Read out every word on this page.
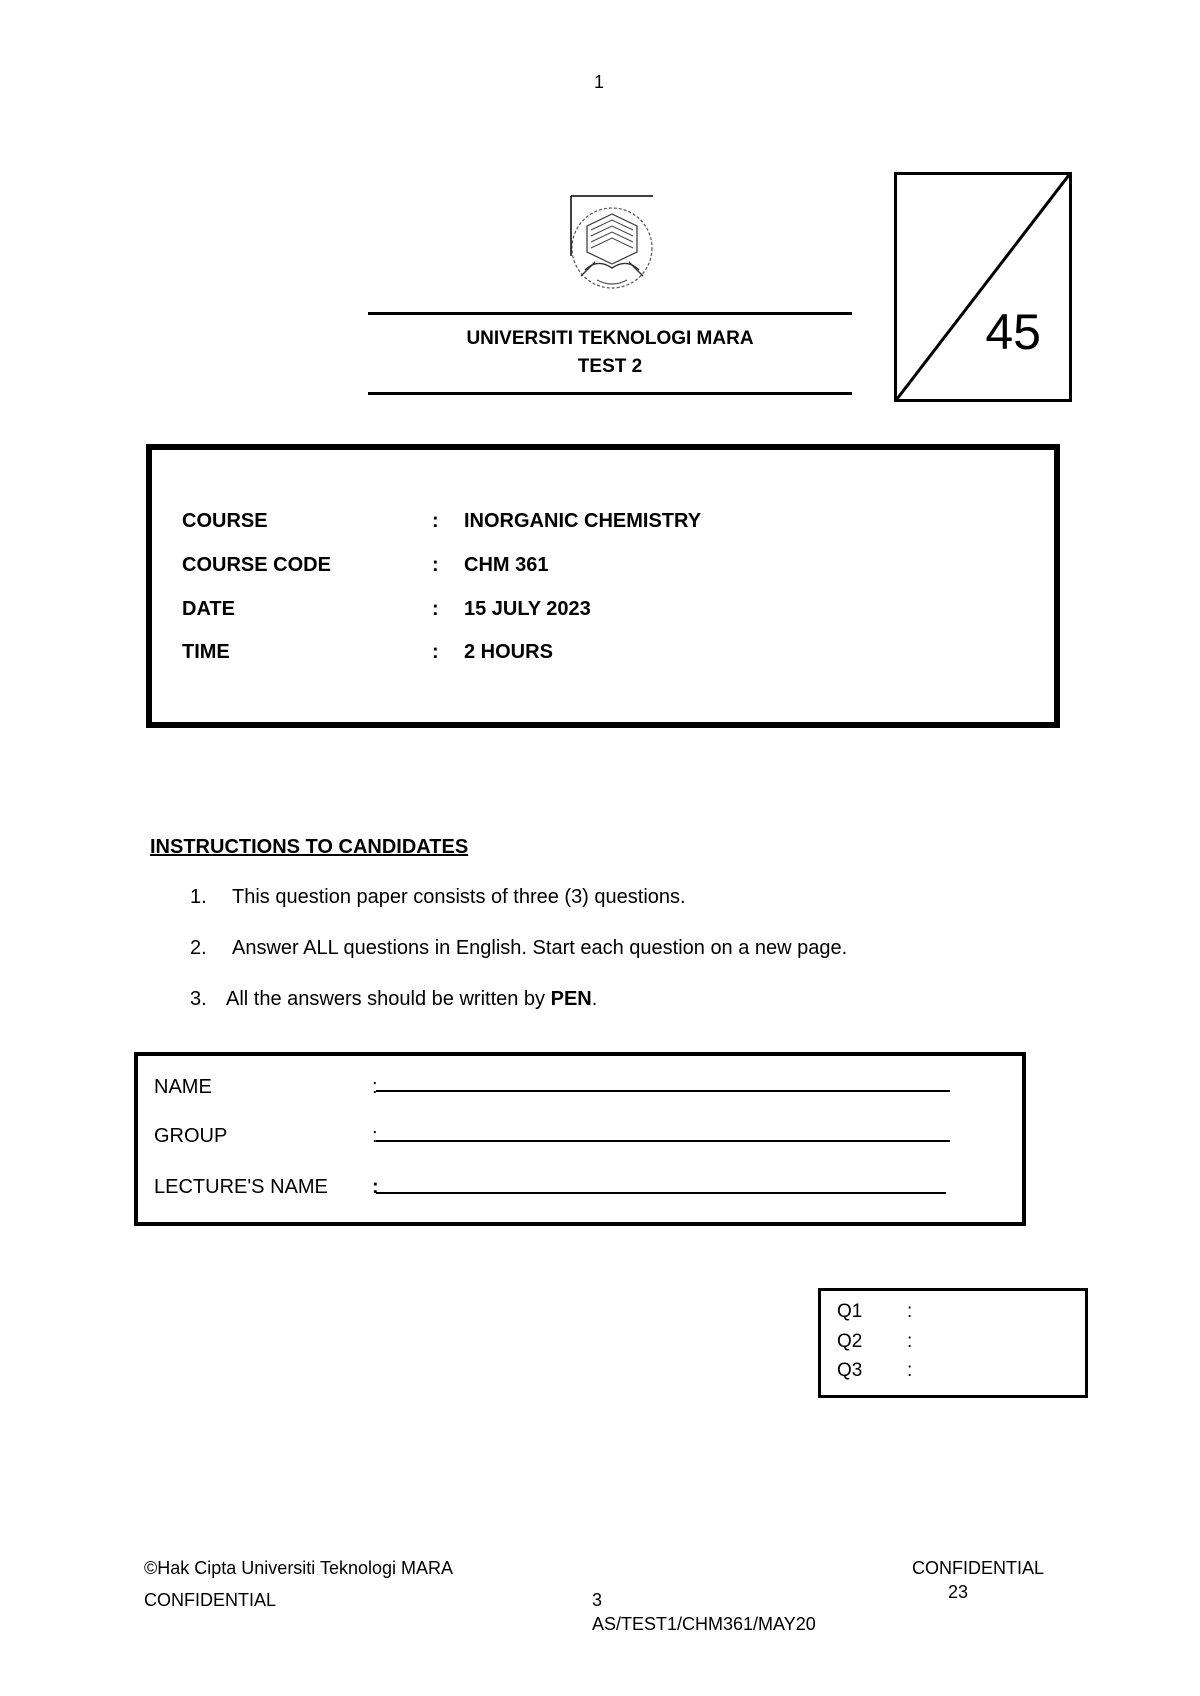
1
UNIVERSITI TEKNOLOGI MARA
TEST 2
45
COURSE	: INORGANIC CHEMISTRY
COURSE CODE	: CHM 361
DATE	: 15 JULY 2023
TIME	: 2 HOURS
INSTRUCTIONS TO CANDIDATES
1. This question paper consists of three (3) questions.
2. Answer ALL questions in English. Start each question on a new page.
3. All the answers should be written by PEN.
NAME	:
GROUP	:
LECTURE'S NAME :
Q1 :
Q2 :
Q3 :
©Hak Cipta Universiti Teknologi MARA
CONFIDENTIAL	3
AS/TEST1/CHM361/MAY20
CONFIDENTIAL
23
